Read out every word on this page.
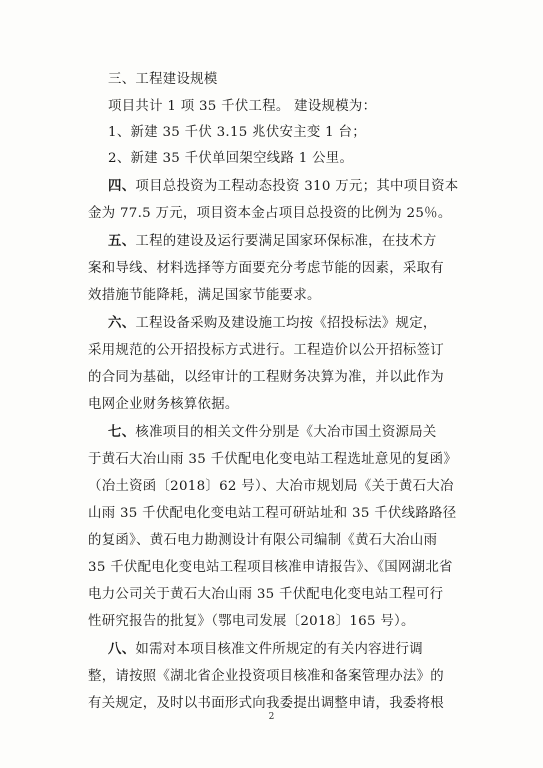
三、工程建设规模
项目共计 1 项 35 千伏工程。 建设规模为：
1、新建 35 千伏 3.15 兆伏安主变 1 台；
2、新建 35 千伏单回架空线路 1 公里。
四、项目总投资为工程动态投资 310 万元；其中项目资本
金为 77.5 万元，项目资本金占项目总投资的比例为 25％。
五、工程的建设及运行要满足国家环保标准，在技术方
案和导线、材料选择等方面要充分考虑节能的因素，采取有
效措施节能降耗，满足国家节能要求。
六、工程设备采购及建设施工均按《招投标法》规定，
采用规范的公开招投标方式进行。工程造价以公开招标签订
的合同为基础，以经审计的工程财务决算为准，并以此作为
电网企业财务核算依据。
七、核准项目的相关文件分别是《大冶市国土资源局关
于黄石大冶山雨 35 千伏配电化变电站工程选址意见的复函》
（冶土资函〔2018〕62 号）、大冶市规划局《关于黄石大冶
山雨 35 千伏配电化变电站工程可研站址和 35 千伏线路路径
的复函》、黄石电力勘测设计有限公司编制《黄石大冶山雨
35 千伏配电化变电站工程项目核准申请报告》、《国网湖北省
电力公司关于黄石大冶山雨 35 千伏配电化变电站工程可行
性研究报告的批复》（鄂电司发展〔2018〕165 号）。
八、如需对本项目核准文件所规定的有关内容进行调
整，请按照《湖北省企业投资项目核准和备案管理办法》的
有关规定，及时以书面形式向我委提出调整申请，我委将根
2
